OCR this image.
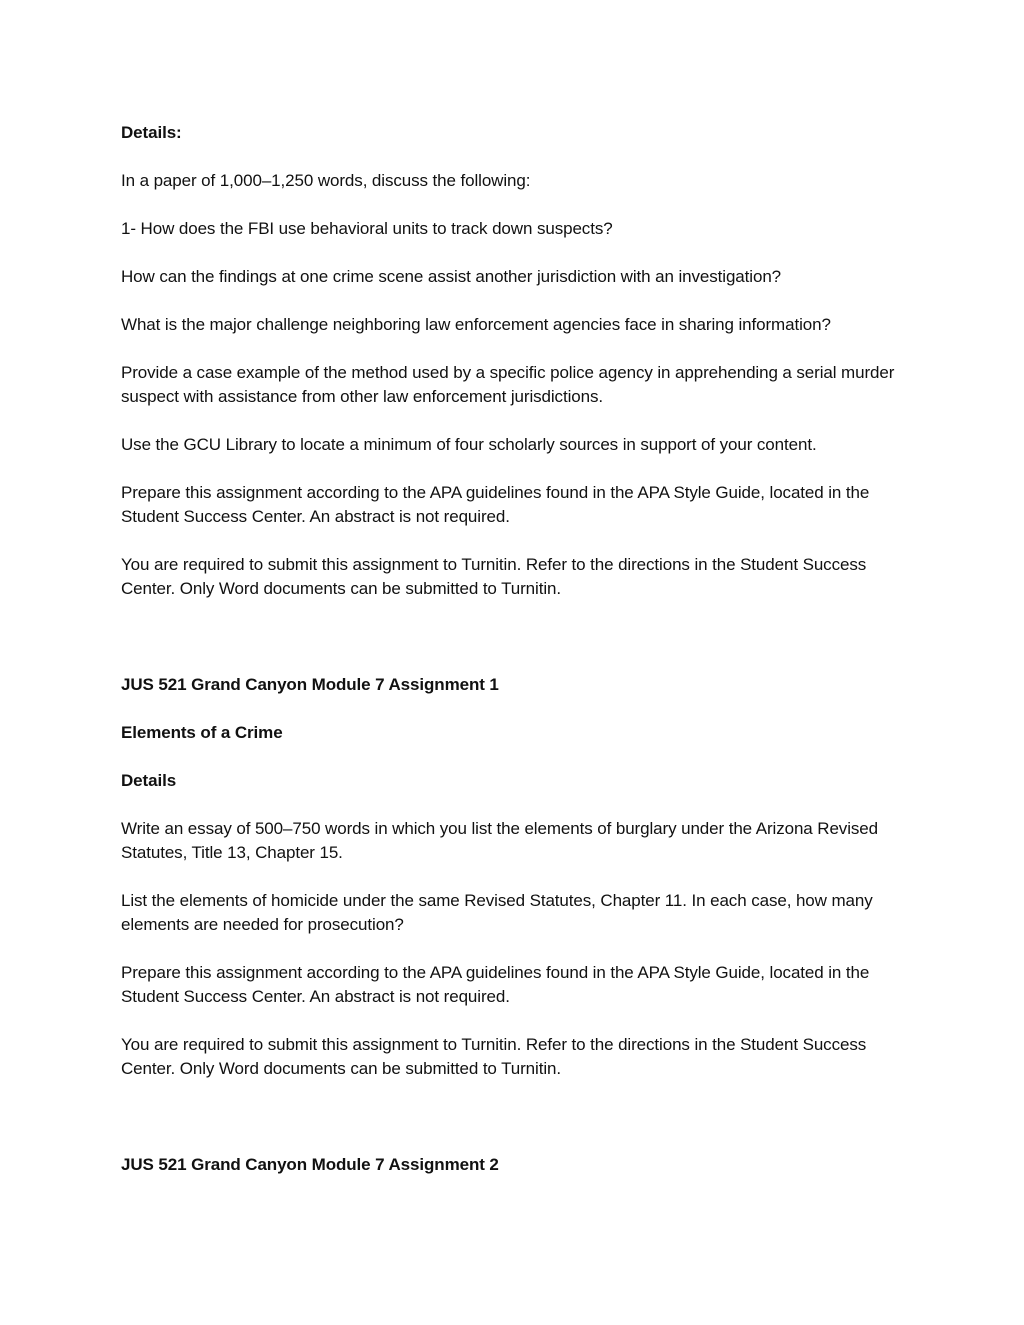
Details:

In a paper of 1,000–1,250 words, discuss the following:

1- How does the FBI use behavioral units to track down suspects?

How can the findings at one crime scene assist another jurisdiction with an investigation?

What is the major challenge neighboring law enforcement agencies face in sharing information?

Provide a case example of the method used by a specific police agency in apprehending a serial murder suspect with assistance from other law enforcement jurisdictions.

Use the GCU Library to locate a minimum of four scholarly sources in support of your content.

Prepare this assignment according to the APA guidelines found in the APA Style Guide, located in the Student Success Center. An abstract is not required.

You are required to submit this assignment to Turnitin. Refer to the directions in the Student Success Center. Only Word documents can be submitted to Turnitin.

JUS 521 Grand Canyon Module 7 Assignment 1

Elements of a Crime

Details

Write an essay of 500–750 words in which you list the elements of burglary under the Arizona Revised Statutes, Title 13, Chapter 15.

List the elements of homicide under the same Revised Statutes, Chapter 11. In each case, how many elements are needed for prosecution?

Prepare this assignment according to the APA guidelines found in the APA Style Guide, located in the Student Success Center. An abstract is not required.

You are required to submit this assignment to Turnitin. Refer to the directions in the Student Success Center. Only Word documents can be submitted to Turnitin.

JUS 521 Grand Canyon Module 7 Assignment 2
